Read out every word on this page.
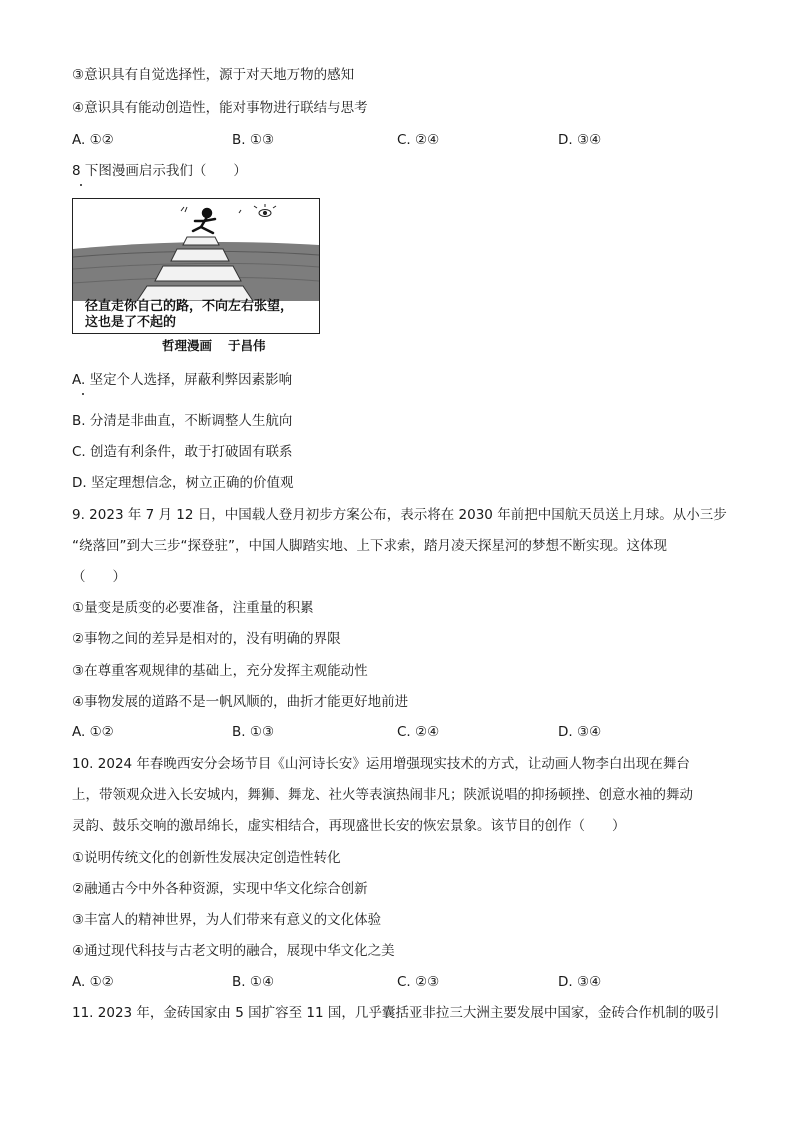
③意识具有自觉选择性，源于对天地万物的感知
④意识具有能动创造性，能对事物进行联结与思考
A. ①②	B. ①③	C. ②④	D. ③④
8 下图漫画启示我们（　　）
径直走你自己的路，不向左右张望，
这也是了不起的
哲理漫画 于昌伟
A. 坚定个人选择，屏蔽利弊因素影响
B. 分清是非曲直，不断调整人生航向
C. 创造有利条件，敢于打破固有联系
D. 坚定理想信念，树立正确的价值观
9. 2023 年 7 月 12 日，中国载人登月初步方案公布，表示将在 2030 年前把中国航天员送上月球。从小三步
“绕落回”到大三步“探登驻”，中国人脚踏实地、上下求索，踏月凌天探星河的梦想不断实现。这体现
（　　）
①量变是质变的必要准备，注重量的积累
②事物之间的差异是相对的，没有明确的界限
③在尊重客观规律的基础上，充分发挥主观能动性
④事物发展的道路不是一帆风顺的，曲折才能更好地前进
A. ①②	B. ①③	C. ②④	D. ③④
10. 2024 年春晚西安分会场节目《山河诗长安》运用增强现实技术的方式，让动画人物李白出现在舞台
上，带领观众进入长安城内，舞狮、舞龙、社火等表演热闹非凡；陕派说唱的抑扬顿挫、创意水袖的舞动
灵韵、鼓乐交响的激昂绵长，虚实相结合，再现盛世长安的恢宏景象。该节目的创作（　　）
①说明传统文化的创新性发展决定创造性转化
②融通古今中外各种资源，实现中华文化综合创新
③丰富人的精神世界，为人们带来有意义的文化体验
④通过现代科技与古老文明的融合，展现中华文化之美
A. ①②	B. ①④	C. ②③	D. ③④
11. 2023 年，金砖国家由 5 国扩容至 11 国，几乎囊括亚非拉三大洲主要发展中国家，金砖合作机制的吸引
